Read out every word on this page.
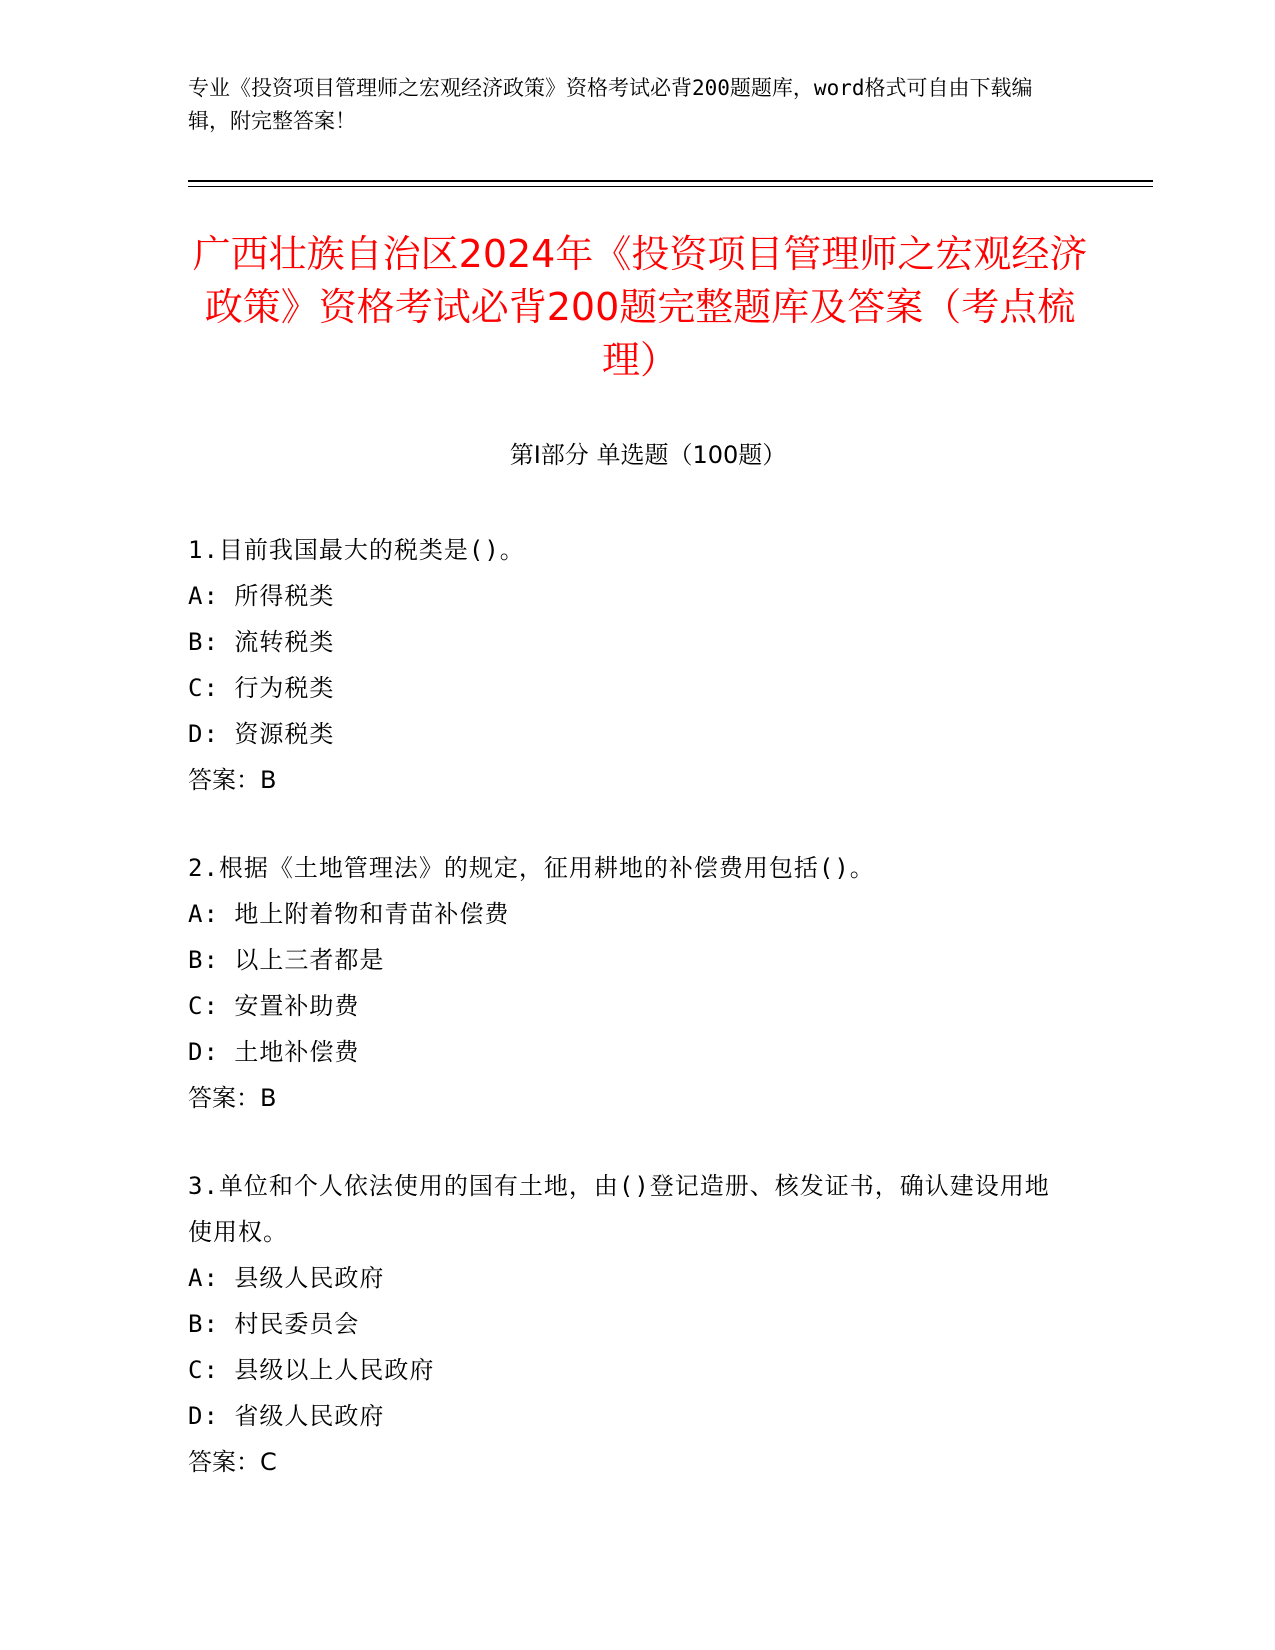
专业《投资项目管理师之宏观经济政策》资格考试必背200题题库，word格式可自由下载编辑，附完整答案！
广西壮族自治区2024年《投资项目管理师之宏观经济政策》资格考试必背200题完整题库及答案（考点梳理）
第I部分 单选题（100题）

1.目前我国最大的税类是()。

A: 所得税类

B: 流转税类

C: 行为税类

D: 资源税类

答案：B

2.根据《土地管理法》的规定，征用耕地的补偿费用包括()。

A: 地上附着物和青苗补偿费

B: 以上三者都是

C: 安置补助费

D: 土地补偿费

答案：B

3.单位和个人依法使用的国有土地，由()登记造册、核发证书，确认建设用地使用权。

A: 县级人民政府

B: 村民委员会

C: 县级以上人民政府

D: 省级人民政府

答案：C
